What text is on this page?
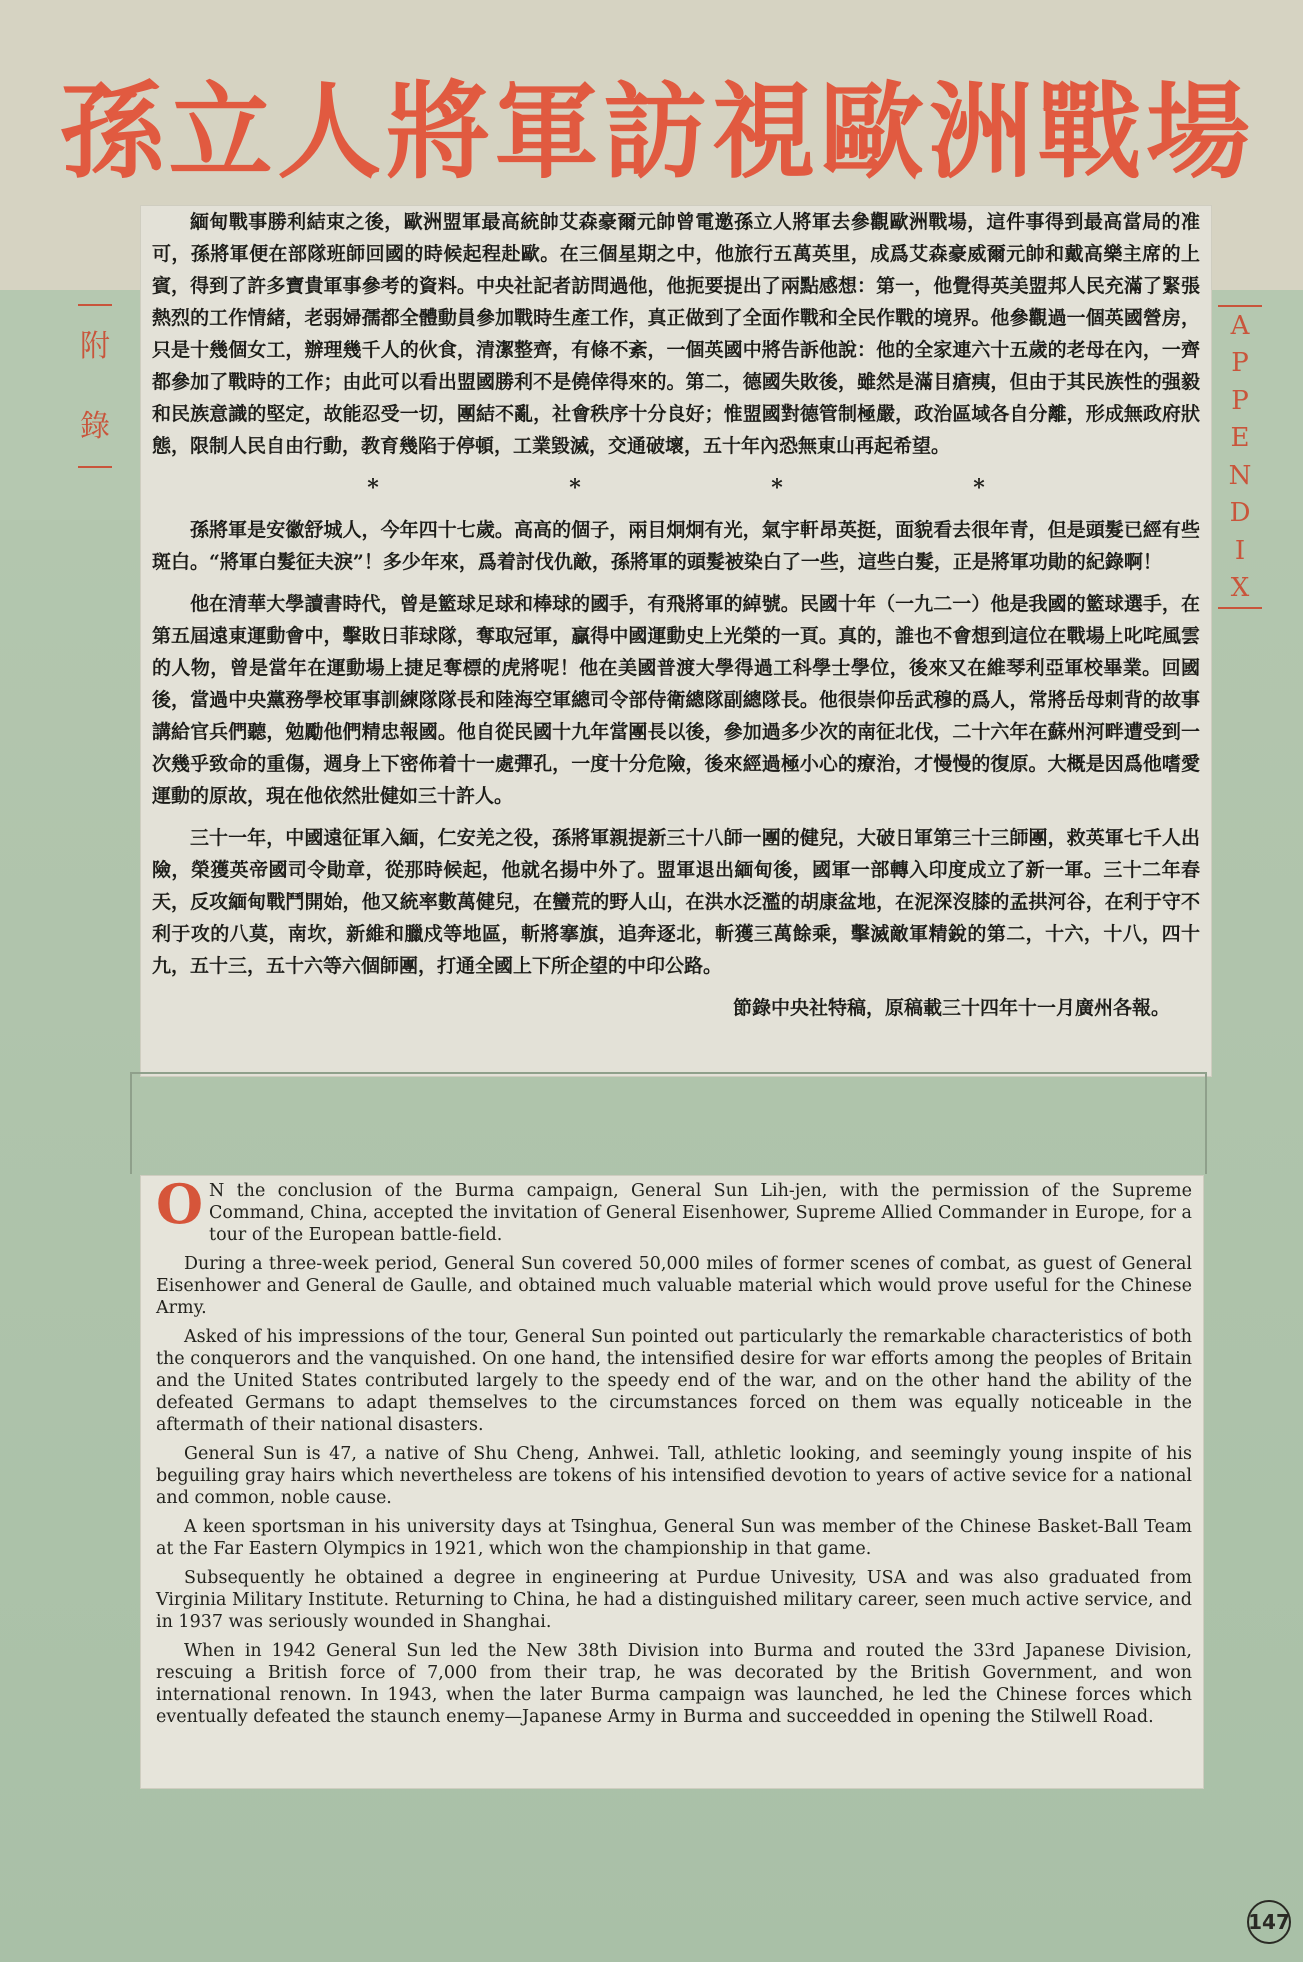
孫 立 人 將 軍 訪 視 歐 洲 戰 場
附
錄
A
P
P
E
N
D
I
X

緬甸戰事勝利結束之後，歐洲盟軍最高統帥艾森豪爾元帥曾電邀孫立人將軍去參觀歐洲戰場，這件事得到最高當局的准可，孫將軍便在部隊班師回國的時候起程赴歐。在三個星期之中，他旅行五萬英里，成爲艾森豪威爾元帥和戴高樂主席的上賓，得到了許多寶貴軍事參考的資料。中央社記者訪問過他，他扼要提出了兩點感想：第一，他覺得英美盟邦人民充滿了緊張熱烈的工作情緒，老弱婦孺都全體動員參加戰時生產工作，真正做到了全面作戰和全民作戰的境界。他參觀過一個英國營房，只是十幾個女工，辦理幾千人的伙食，清潔整齊，有條不紊，一個英國中將告訴他說：他的全家連六十五歲的老母在內，一齊都參加了戰時的工作；由此可以看出盟國勝利不是僥倖得來的。第二，德國失敗後，雖然是滿目瘡痍，但由于其民族性的强毅和民族意識的堅定，故能忍受一切，團結不亂，社會秩序十分良好；惟盟國對德管制極嚴，政治區域各自分離，形成無政府狀態，限制人民自由行動，教育幾陷于停頓，工業毀滅，交通破壞，五十年內恐無東山再起希望。

*	*	*	*

孫將軍是安徽舒城人，今年四十七歲。高高的個子，兩目炯炯有光，氣宇軒昂英挺，面貌看去很年青，但是頭髮已經有些斑白。“將軍白髮征夫淚”！多少年來，爲着討伐仇敵，孫將軍的頭髮被染白了一些，這些白髮，正是將軍功勛的紀錄啊！

他在清華大學讀書時代，曾是籃球足球和棒球的國手，有飛將軍的綽號。民國十年（一九二一）他是我國的籃球選手，在第五屆遠東運動會中，擊敗日菲球隊，奪取冠軍，贏得中國運動史上光榮的一頁。真的，誰也不會想到這位在戰場上叱咤風雲的人物，曾是當年在運動場上捷足奪標的虎將呢！他在美國普渡大學得過工科學士學位，後來又在維琴利亞軍校畢業。回國後，當過中央黨務學校軍事訓練隊隊長和陸海空軍總司令部侍衛總隊副總隊長。他很崇仰岳武穆的爲人，常將岳母刺背的故事講給官兵們聽，勉勵他們精忠報國。他自從民國十九年當團長以後，參加過多少次的南征北伐，二十六年在蘇州河畔遭受到一次幾乎致命的重傷，週身上下密佈着十一處彈孔，一度十分危險，後來經過極小心的療治，才慢慢的復原。大概是因爲他嗜愛運動的原故，現在他依然壯健如三十許人。

三十一年，中國遠征軍入緬，仁安羌之役，孫將軍親提新三十八師一團的健兒，大破日軍第三十三師團，救英軍七千人出險，榮獲英帝國司令勛章，從那時候起，他就名揚中外了。盟軍退出緬甸後，國軍一部轉入印度成立了新一軍。三十二年春天，反攻緬甸戰鬥開始，他又統率數萬健兒，在蠻荒的野人山，在洪水泛濫的胡康盆地，在泥深沒膝的孟拱河谷，在利于守不利于攻的八莫，南坎，新維和臘戍等地區，斬將搴旗，追奔逐北，斬獲三萬餘乘，擊滅敵軍精銳的第二，十六，十八，四十九，五十三，五十六等六個師團，打通全國上下所企望的中印公路。

節錄中央社特稿，原稿載三十四年十一月廣州各報。

O N the conclusion of the Burma campaign, General Sun Lih-jen, with the permission of the Supreme Command, China, accepted the invitation of General Eisenhower, Supreme Allied Commander in Europe, for a tour of the European battle-field.

During a three-week period, General Sun covered 50,000 miles of former scenes of combat, as guest of General Eisenhower and General de Gaulle, and obtained much valuable material which would prove useful for the Chinese Army.

Asked of his impressions of the tour, General Sun pointed out particularly the remarkable characteristics of both the conquerors and the vanquished. On one hand, the intensified desire for war efforts among the peoples of Britain and the United States contributed largely to the speedy end of the war, and on the other hand the ability of the defeated Germans to adapt themselves to the circumstances forced on them was equally noticeable in the aftermath of their national disasters.

General Sun is 47, a native of Shu Cheng, Anhwei. Tall, athletic looking, and seemingly young inspite of his beguiling gray hairs which nevertheless are tokens of his intensified devotion to years of active sevice for a national and common, noble cause.

A keen sportsman in his university days at Tsinghua, General Sun was member of the Chinese Basket-Ball Team at the Far Eastern Olympics in 1921, which won the championship in that game.

Subsequently he obtained a degree in engineering at Purdue Univesity, USA and was also graduated from Virginia Military Institute. Returning to China, he had a distinguished military career, seen much active service, and in 1937 was seriously wounded in Shanghai.

When in 1942 General Sun led the New 38th Division into Burma and routed the 33rd Japanese Division, rescuing a British force of 7,000 from their trap, he was decorated by the British Government, and won international renown. In 1943, when the later Burma campaign was launched, he led the Chinese forces which eventually defeated the staunch enemy—Japanese Army in Burma and succeedded in opening the Stilwell Road.

147
